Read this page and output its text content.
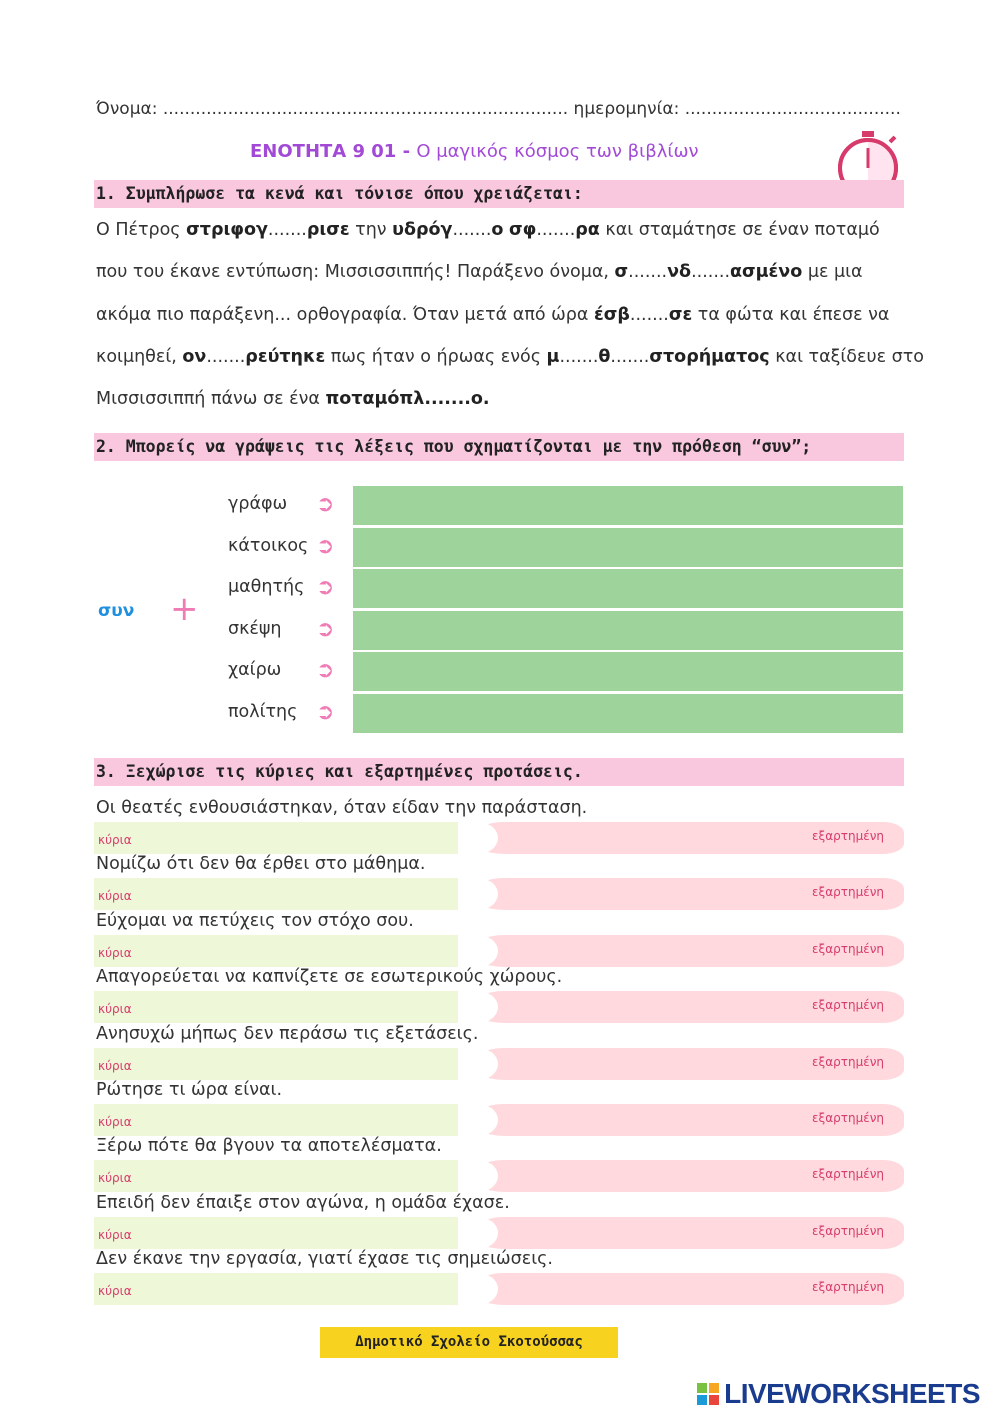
Όνομα: ........................................................................... ημερομηνία: ........................................
ΕΝΟΤΗΤΑ 9 01 - Ο μαγικός κόσμος των βιβλίων
1. Συμπλήρωσε τα κενά και τόνισε όπου χρειάζεται:
Ο Πέτρος στριφογ.......ρισε την υδρόγ.......ο σφ.......ρα και σταμάτησε σε έναν ποταμό
που του έκανε εντύπωση: Μισσισσιππής! Παράξενο όνομα, σ.......νδ.......ασμένο με μια
ακόμα πιο παράξενη... ορθογραφία. Όταν μετά από ώρα έσβ.......σε τα φώτα και έπεσε να
κοιμηθεί, ον.......ρεύτηκε πως ήταν ο ήρωας ενός μ.......θ.......στορήματος και ταξίδευε στο
Μισσισσιππή πάνω σε ένα ποταμόπλ.......ο.
2. Μπορείς να γράψεις τις λέξεις που σχηματίζονται με την πρόθεση “συν”;
συν +
γράφω ➲
κάτοικος ➲
μαθητής ➲
σκέψη ➲
χαίρω ➲
πολίτης ➲
3. Ξεχώρισε τις κύριες και εξαρτημένες προτάσεις.
Οι θεατές ενθουσιάστηκαν, όταν είδαν την παράσταση.
κύρια	εξαρτημένη
Νομίζω ότι δεν θα έρθει στο μάθημα.
κύρια	εξαρτημένη
Εύχομαι να πετύχεις τον στόχο σου.
κύρια	εξαρτημένη
Απαγορεύεται να καπνίζετε σε εσωτερικούς χώρους.
κύρια	εξαρτημένη
Ανησυχώ μήπως δεν περάσω τις εξετάσεις.
κύρια	εξαρτημένη
Ρώτησε τι ώρα είναι.
κύρια	εξαρτημένη
Ξέρω πότε θα βγουν τα αποτελέσματα.
κύρια	εξαρτημένη
Επειδή δεν έπαιξε στον αγώνα, η ομάδα έχασε.
κύρια	εξαρτημένη
Δεν έκανε την εργασία, γιατί έχασε τις σημειώσεις.
κύρια	εξαρτημένη
Δημοτικό Σχολείο Σκοτούσσας
LIVEWORKSHEETS
